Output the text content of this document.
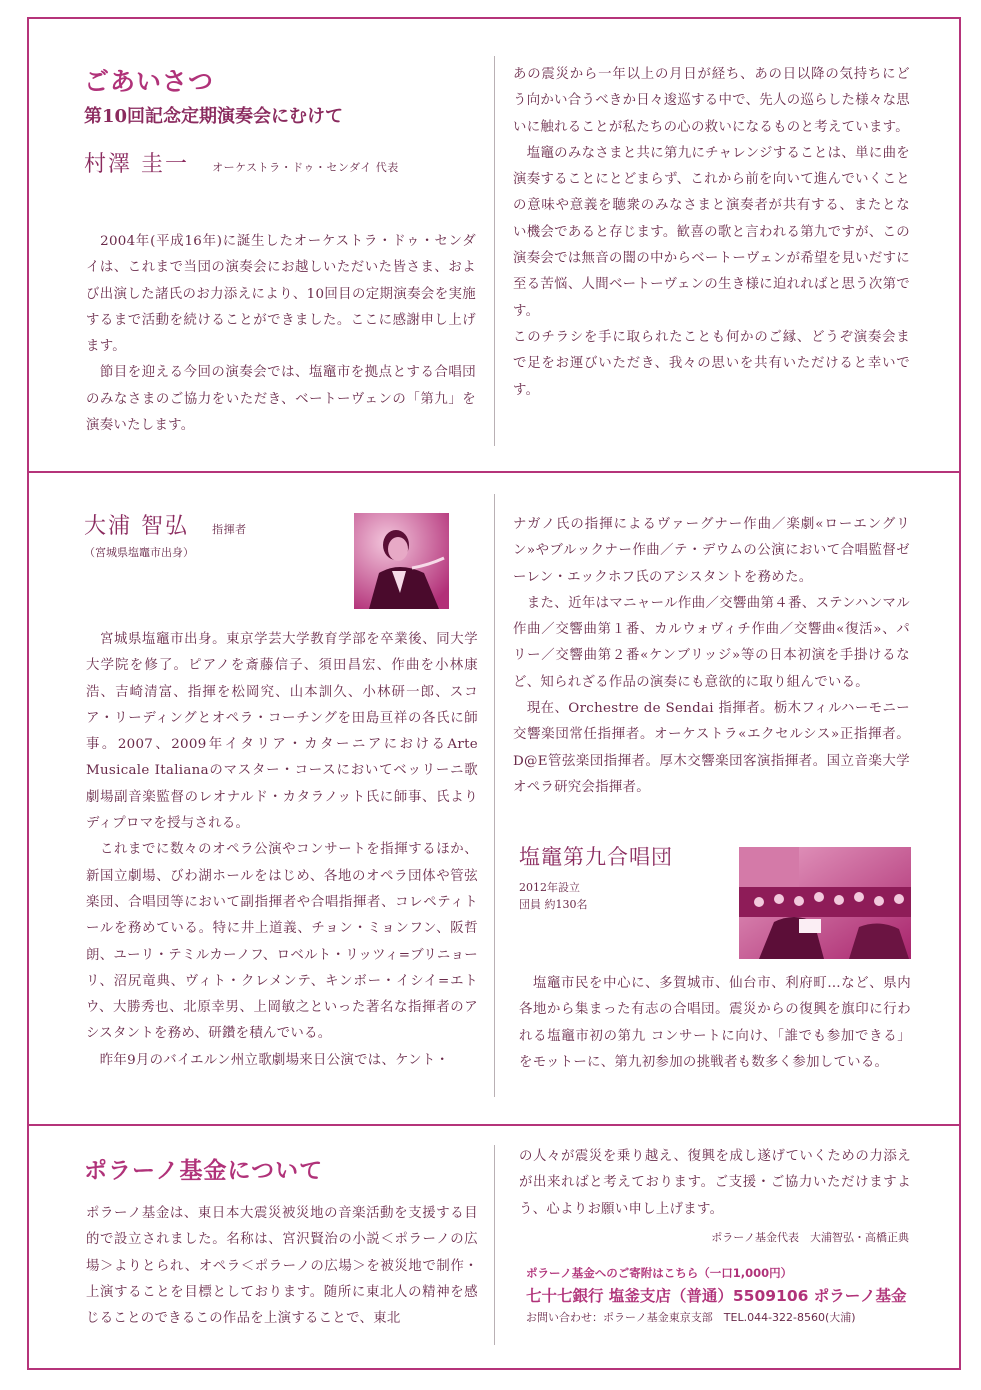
ごあいさつ
第10回記念定期演奏会にむけて
村澤 圭一 オーケストラ・ドゥ・センダイ 代表

　2004年(平成16年)に誕生したオーケストラ・ドゥ・センダイは、これまで当団の演奏会にお越しいただいた皆さま、および出演した諸氏のお力添えにより、10回目の定期演奏会を実施するまで活動を続けることができました。ここに感謝申し上げます。

　節目を迎える今回の演奏会では、塩竈市を拠点とする合唱団のみなさまのご協力をいただき、ベートーヴェンの「第九」を演奏いたします。

あの震災から一年以上の月日が経ち、あの日以降の気持ちにどう向かい合うべきか日々逡巡する中で、先人の巡らした様々な思いに触れることが私たちの心の救いになるものと考えています。

　塩竈のみなさまと共に第九にチャレンジすることは、単に曲を演奏することにとどまらず、これから前を向いて進んでいくことの意味や意義を聴衆のみなさまと演奏者が共有する、またとない機会であると存じます。歓喜の歌と言われる第九ですが、この演奏会では無音の闇の中からベートーヴェンが希望を見いだすに至る苦悩、人間ベートーヴェンの生き様に迫れればと思う次第です。

このチラシを手に取られたことも何かのご縁、どうぞ演奏会まで足をお運びいただき、我々の思いを共有いただけると幸いです。

大浦 智弘 指揮者
（宮城県塩竈市出身）

　宮城県塩竈市出身。東京学芸大学教育学部を卒業後、同大学大学院を修了。ピアノを斎藤信子、須田昌宏、作曲を小林康浩、吉崎清富、指揮を松岡究、山本訓久、小林研一郎、スコア・リーディングとオペラ・コーチングを田島亘祥の各氏に師事。2007、2009年イタリア・カターニアにおけるArte Musicale Italianaのマスター・コースにおいてベッリーニ歌劇場副音楽監督のレオナルド・カタラノット氏に師事、氏よりディプロマを授与される。

　これまでに数々のオペラ公演やコンサートを指揮するほか、新国立劇場、びわ湖ホールをはじめ、各地のオペラ団体や管弦楽団、合唱団等において副指揮者や合唱指揮者、コレペティトールを務めている。特に井上道義、チョン・ミョンフン、阪哲朗、ユーリ・テミルカーノフ、ロベルト・リッツィ=ブリニョーリ、沼尻竜典、ヴィト・クレメンテ、キンボー・イシイ=エトウ、大勝秀也、北原幸男、上岡敏之といった著名な指揮者のアシスタントを務め、研鑽を積んでいる。

　昨年9月のバイエルン州立歌劇場来日公演では、ケント・

ナガノ氏の指揮によるヴァーグナー作曲／楽劇«ローエングリン»やブルックナー作曲／テ・デウムの公演において合唱監督ゼーレン・エックホフ氏のアシスタントを務めた。

　また、近年はマニャール作曲／交響曲第４番、ステンハンマル作曲／交響曲第１番、カルウォヴィチ作曲／交響曲«復活»、パリー／交響曲第２番«ケンブリッジ»等の日本初演を手掛けるなど、知られざる作品の演奏にも意欲的に取り組んでいる。

　現在、Orchestre de Sendai 指揮者。栃木フィルハーモニー交響楽団常任指揮者。オーケストラ«エクセルシス»正指揮者。D@E管弦楽団指揮者。厚木交響楽団客演指揮者。国立音楽大学オペラ研究会指揮者。

塩竈第九合唱団
2012年設立
団員 約130名

　塩竈市民を中心に、多賀城市、仙台市、利府町…など、県内各地から集まった有志の合唱団。震災からの復興を旗印に行われる塩竈市初の第九 コンサートに向け、「誰でも参加できる」をモットーに、第九初参加の挑戦者も数多く参加している。

ポラーノ基金について

ポラーノ基金は、東日本大震災被災地の音楽活動を支援する目的で設立されました。名称は、宮沢賢治の小説＜ポラーノの広場＞よりとられ、オペラ＜ポラーノの広場＞を被災地で制作・上演することを目標としております。随所に東北人の精神を感じることのできるこの作品を上演することで、東北

の人々が震災を乗り越え、復興を成し遂げていくための力添えが出来ればと考えております。ご支援・ご協力いただけますよう、心よりお願い申し上げます。

ポラーノ基金代表　大浦智弘・高橋正典
ポラーノ基金へのご寄附はこちら（一口1,000円）
七十七銀行 塩釜支店（普通）5509106 ポラーノ基金
お問い合わせ：ポラーノ基金東京支部　TEL.044-322-8560(大浦)
